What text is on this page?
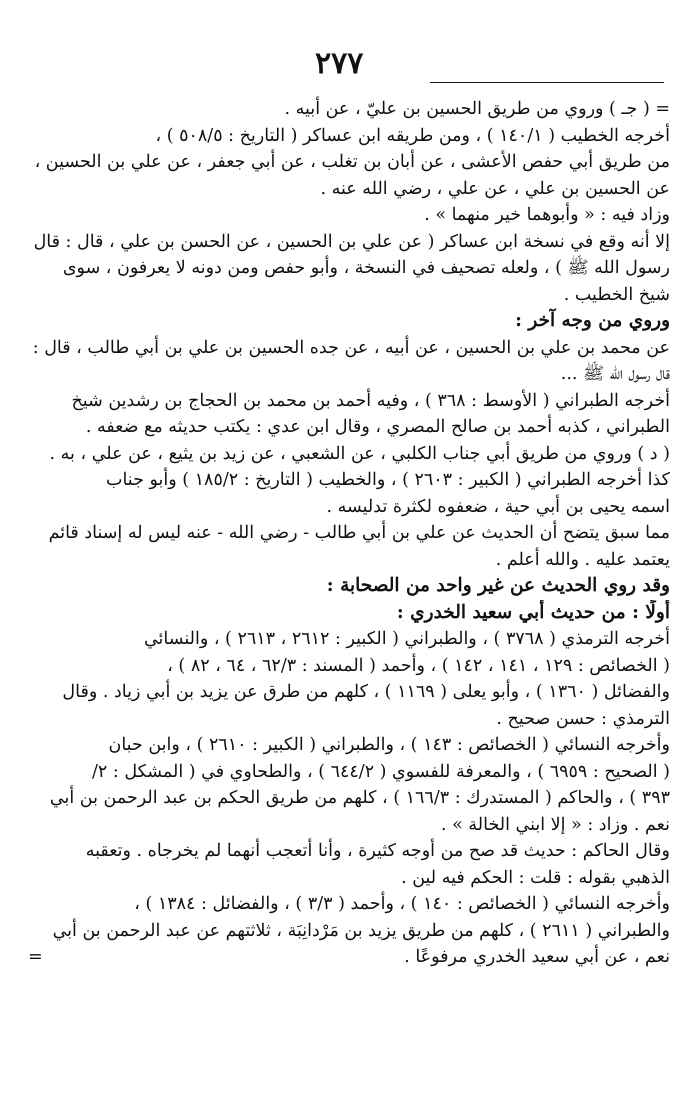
٢٧٧
= ( جـ ) وروي من طريق الحسين بن عليّ ، عن أبيه .
أخرجه الخطيب ( ١٤٠/١ ) ، ومن طريقه ابن عساكر ( التاريخ : ٥٠٨/٥ ) ،
من طريق أبي حفص الأعشى ، عن أبان بن تغلب ، عن أبي جعفر ، عن علي بن الحسين ،
عن الحسين بن علي ، عن علي ، رضي الله عنه .
وزاد فيه : « وأبوهما خير منهما » .
إلا أنه وقع في نسخة ابن عساكر ( عن علي بن الحسين ، عن الحسن بن علي ، قال : قال
رسول الله ﷺ ) ، ولعله تصحيف في النسخة ، وأبو حفص ومن دونه لا يعرفون ، سوى
شيخ الخطيب .
وروي من وجه آخر :
عن محمد بن علي بن الحسين ، عن أبيه ، عن جده الحسين بن علي بن أبي طالب ، قال :
قال رسول الله ﷺ ...
أخرجه الطبراني ( الأوسط : ٣٦٨ ) ، وفيه أحمد بن محمد بن الحجاج بن رشدين شيخ
الطبراني ، كذبه أحمد بن صالح المصري ، وقال ابن عدي : يكتب حديثه مع ضعفه .
( د ) وروي من طريق أبي جناب الكلبي ، عن الشعبي ، عن زيد بن يثيع ، عن علي ، به .
كذا أخرجه الطبراني ( الكبير : ٢٦٠٣ ) ، والخطيب ( التاريخ : ١٨٥/٢ ) وأبو جناب
اسمه يحيى بن أبي حية ، ضعفوه لكثرة تدليسه .
مما سبق يتضح أن الحديث عن علي بن أبي طالب - رضي الله - عنه ليس له إسناد قائم
يعتمد عليه . والله أعلم .
وقد روي الحديث عن غير واحد من الصحابة :
أولًا : من حديث أبي سعيد الخدري :
أخرجه الترمذي ( ٣٧٦٨ ) ، والطبراني ( الكبير : ٢٦١٢ ، ٢٦١٣ ) ، والنسائي
( الخصائص : ١٢٩ ، ١٤١ ، ١٤٢ ) ، وأحمد ( المسند : ٦٢/٣ ، ٦٤ ، ٨٢ ) ،
والفضائل ( ١٣٦٠ ) ، وأبو يعلى ( ١١٦٩ ) ، كلهم من طرق عن يزيد بن أبي زياد . وقال
الترمذي : حسن صحيح .
وأخرجه النسائي ( الخصائص : ١٤٣ ) ، والطبراني ( الكبير : ٢٦١٠ ) ، وابن حبان
( الصحيح : ٦٩٥٩ ) ، والمعرفة للفسوي ( ٦٤٤/٢ ) ، والطحاوي في ( المشكل : ٢/
٣٩٣ ) ، والحاكم ( المستدرك : ١٦٦/٣ ) ، كلهم من طريق الحكم بن عبد الرحمن بن أبي
نعم . وزاد : « إلا ابني الخالة » .
وقال الحاكم : حديث قد صح من أوجه كثيرة ، وأنا أتعجب أنهما لم يخرجاه . وتعقبه
الذهبي بقوله : قلت : الحكم فيه لين .
وأخرجه النسائي ( الخصائص : ١٤٠ ) ، وأحمد ( ٣/٣ ) ، والفضائل : ١٣٨٤ ) ،
والطبراني ( ٢٦١١ ) ، كلهم من طريق يزيد بن مَرْدانِبَة ، ثلاثتهم عن عبد الرحمن بن أبي
نعم ، عن أبي سعيد الخدري مرفوعًا .
=
